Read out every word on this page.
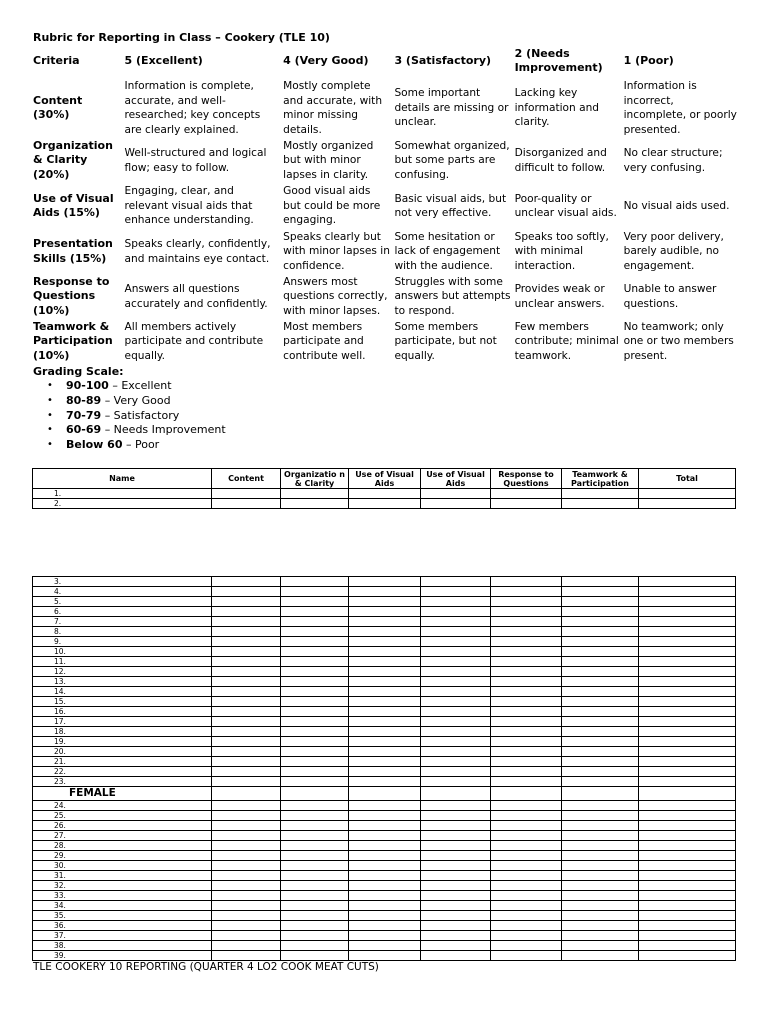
Rubric for Reporting in Class – Cookery (TLE 10)
Criteria	5 (Excellent)	4 (Very Good)	3 (Satisfactory)	2 (Needs Improvement)	1 (Poor)
Content (30%)	Information is complete, accurate, and well-researched; key concepts are clearly explained.	Mostly complete and accurate, with minor missing details.	Some important details are missing or unclear.	Lacking key information and clarity.	Information is incorrect, incomplete, or poorly presented.
Organization & Clarity (20%)	Well-structured and logical flow; easy to follow.	Mostly organized but with minor lapses in clarity.	Somewhat organized, but some parts are confusing.	Disorganized and difficult to follow.	No clear structure; very confusing.
Use of Visual Aids (15%)	Engaging, clear, and relevant visual aids that enhance understanding.	Good visual aids but could be more engaging.	Basic visual aids, but not very effective.	Poor-quality or unclear visual aids.	No visual aids used.
Presentation Skills (15%)	Speaks clearly, confidently, and maintains eye contact.	Speaks clearly but with minor lapses in confidence.	Some hesitation or lack of engagement with the audience.	Speaks too softly, with minimal interaction.	Very poor delivery, barely audible, no engagement.
Response to Questions (10%)	Answers all questions accurately and confidently.	Answers most questions correctly, with minor lapses.	Struggles with some answers but attempts to respond.	Provides weak or unclear answers.	Unable to answer questions.
Teamwork & Participation (10%)	All members actively participate and contribute equally.	Most members participate and contribute well.	Some members participate, but not equally.	Few members contribute; minimal teamwork.	No teamwork; only one or two members present.
Grading Scale:
• 90-100 – Excellent
• 80-89 – Very Good
• 70-79 – Satisfactory
• 60-69 – Needs Improvement
• Below 60 – Poor
Name	Content	Organizatio n & Clarity	Use of Visual Aids	Use of Visual Aids	Response to Questions	Teamwork & Participation	Total
1.							
2.							
3.							
4.							
5.							
6.							
7.							
8.							
9.							
10.							
11.							
12.							
13.							
14.							
15.							
16.							
17.							
18.							
19.							
20.							
21.							
22.							
23.							
FEMALE							
24.							
25.							
26.							
27.							
28.							
29.							
30.							
31.							
32.							
33.							
34.							
35.							
36.							
37.							
38.							
39.							
TLE COOKERY 10 REPORTING (QUARTER 4 LO2 COOK MEAT CUTS)
